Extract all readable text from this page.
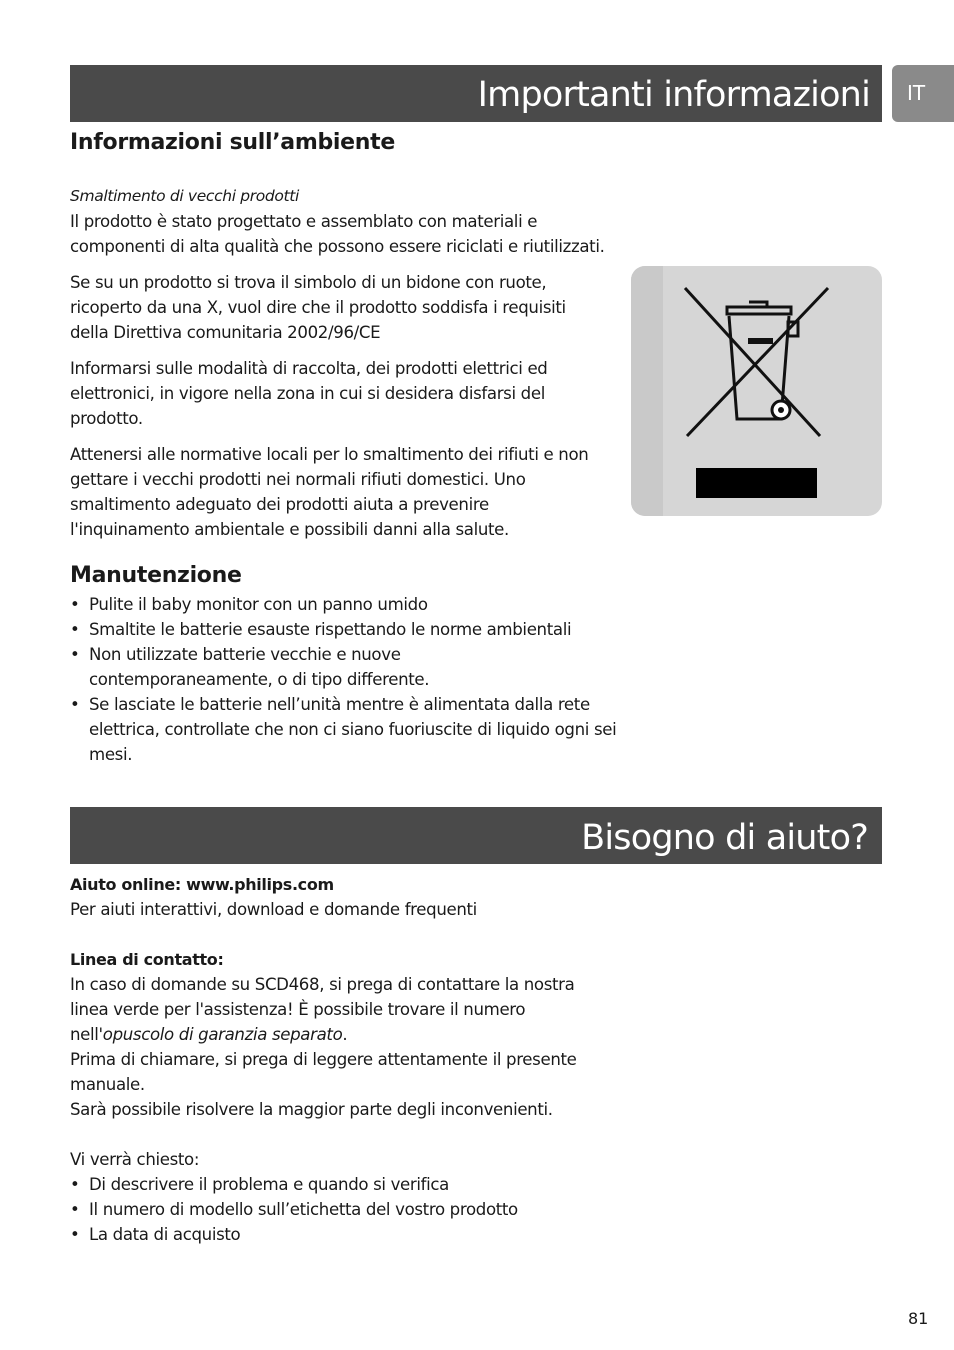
Importanti informazioni	IT
Informazioni sull’ambiente

Smaltimento di vecchi prodotti

Il prodotto è stato progettato e assemblato con materiali e componenti di alta qualità che possono essere riciclati e riutilizzati.

Se su un prodotto si trova il simbolo di un bidone con ruote, ricoperto da una X, vuol dire che il prodotto soddisfa i requisiti della Direttiva comunitaria 2002/96/CE

Informarsi sulle modalità di raccolta, dei prodotti elettrici ed elettronici, in vigore nella zona in cui si desidera disfarsi del prodotto.

Attenersi alle normative locali per lo smaltimento dei rifiuti e non gettare i vecchi prodotti nei normali rifiuti domestici. Uno smaltimento adeguato dei prodotti aiuta a prevenire l'inquinamento ambientale e possibili danni alla salute.

Manutenzione
• Pulite il baby monitor con un panno umido
• Smaltite le batterie esauste rispettando le norme ambientali
• Non utilizzate batterie vecchie e nuove contemporaneamente, o di tipo differente.
• Se lasciate le batterie nell’unità mentre è alimentata dalla rete elettrica, controllate che non ci siano fuoriuscite di liquido ogni sei mesi.
Bisogno di aiuto?

Aiuto online: www.philips.com

Per aiuti interattivi, download e domande frequenti

Linea di contatto:

In caso di domande su SCD468, si prega di contattare la nostra linea verde per l'assistenza! È possibile trovare il numero nell'opuscolo di garanzia separato.

Prima di chiamare, si prega di leggere attentamente il presente manuale.

Sarà possibile risolvere la maggior parte degli inconvenienti.

Vi verrà chiesto:

• Di descrivere il problema e quando si verifica
• Il numero di modello sull’etichetta del vostro prodotto
• La data di acquisto
81
